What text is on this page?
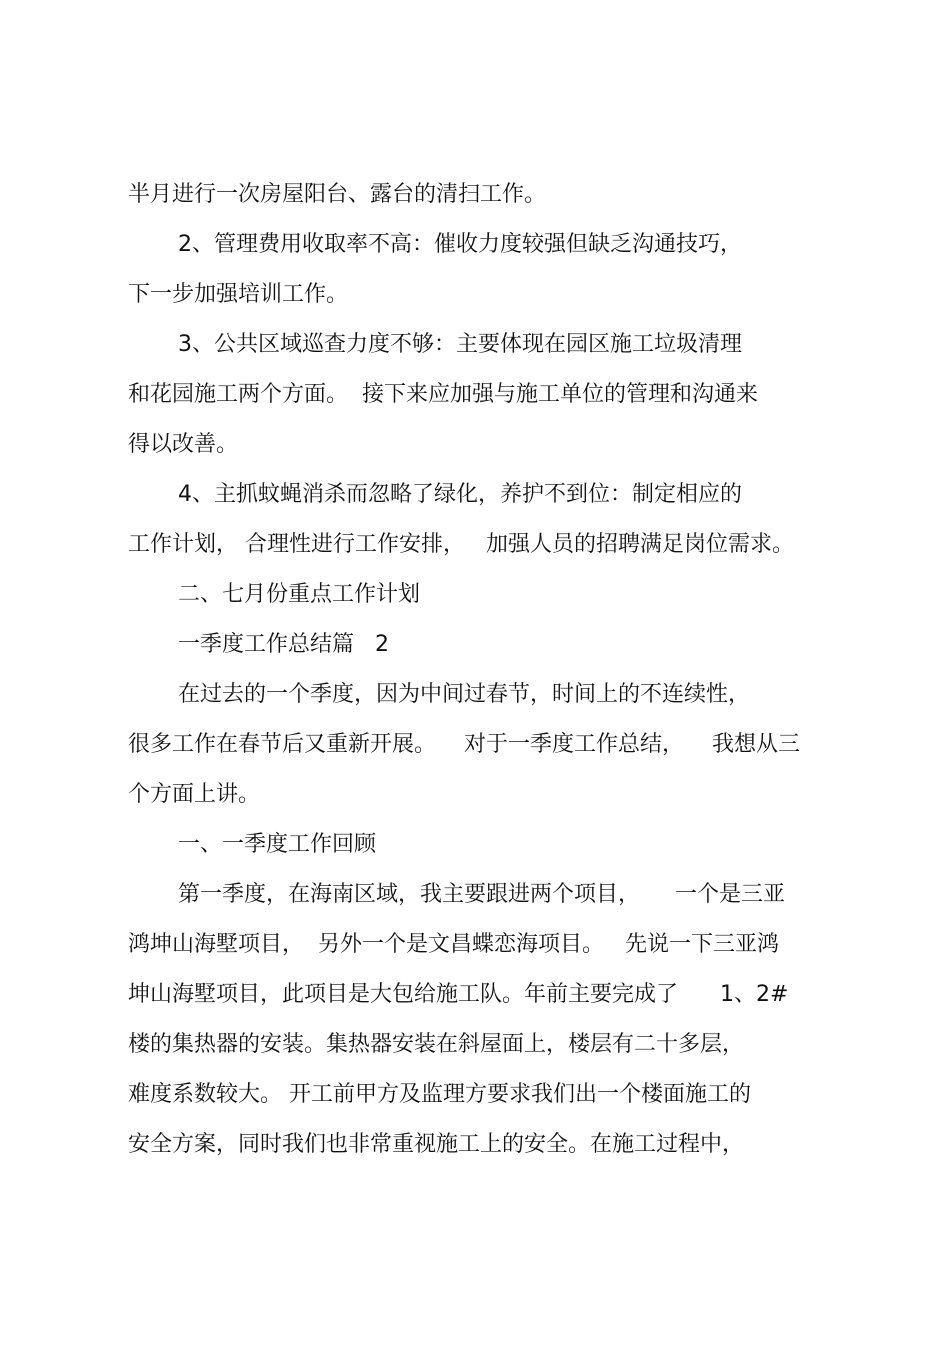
半月进行一次房屋阳台、露台的清扫工作。
2、管理费用收取率不高：催收力度较强但缺乏沟通技巧，
下一步加强培训工作。
3、公共区域巡查力度不够：主要体现在园区施工垃圾清理
和花园施工两个方面。  接下来应加强与施工单位的管理和沟通来
得以改善。
4、主抓蚊蝇消杀而忽略了绿化，养护不到位：制定相应的
工作计划， 合理性进行工作安排，   加强人员的招聘满足岗位需求。
二、七月份重点工作计划
一季度工作总结篇   2
在过去的一个季度，因为中间过春节，时间上的不连续性，
很多工作在春节后又重新开展。    对于一季度工作总结，    我想从三
个方面上讲。
一、一季度工作回顾
第一季度，在海南区域，我主要跟进两个项目，     一个是三亚
鸿坤山海墅项目，  另外一个是文昌蝶恋海项目。   先说一下三亚鸿
坤山海墅项目，此项目是大包给施工队。年前主要完成了      1、2#
楼的集热器的安装。集热器安装在斜屋面上，楼层有二十多层，
难度系数较大。 开工前甲方及监理方要求我们出一个楼面施工的
安全方案，同时我们也非常重视施工上的安全。在施工过程中，
